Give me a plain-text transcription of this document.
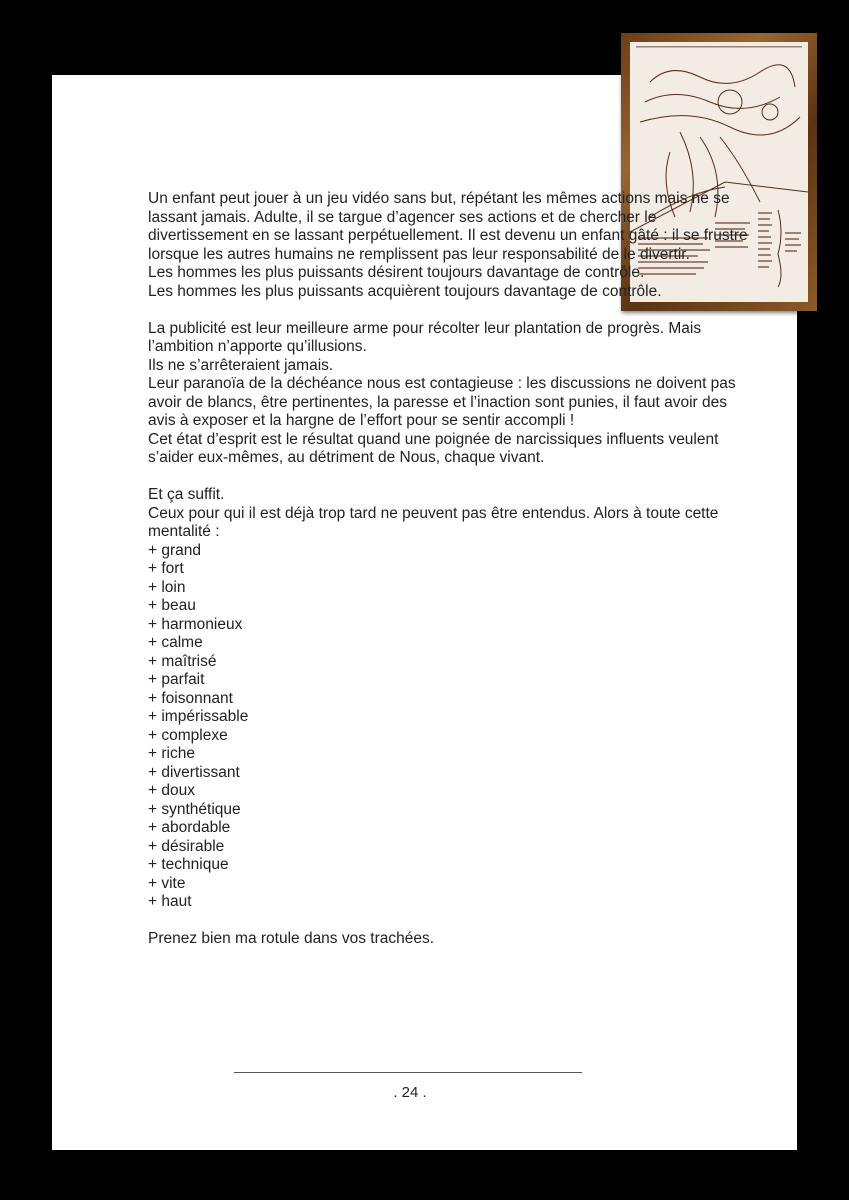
Un enfant peut jouer à un jeu vidéo sans but, répétant les mêmes actions mais ne se lassant jamais. Adulte, il se targue d’agencer ses actions et de chercher le divertissement en se lassant perpétuellement. Il est devenu un enfant gâté : il se frustre lorsque les autres humains ne remplissent pas leur responsabilité de le divertir.

Les hommes les plus puissants désirent toujours davantage de contrôle.

Les hommes les plus puissants acquièrent toujours davantage de contrôle.

La publicité est leur meilleure arme pour récolter leur plantation de progrès. Mais l’ambition n’apporte qu’illusions.

Ils ne s’arrêteraient jamais.

Leur paranoïa de la déchéance nous est contagieuse : les discussions ne doivent pas avoir de blancs, être pertinentes, la paresse et l’inaction sont punies, il faut avoir des avis à exposer et la hargne de l’effort pour se sentir accompli !

Cet état d’esprit est le résultat quand une poignée de narcissiques influents veulent s’aider eux-mêmes, au détriment de Nous, chaque vivant.

Et ça suffit.

Ceux pour qui il est déjà trop tard ne peuvent pas être entendus. Alors à toute cette mentalité :

+ grand
+ fort
+ loin
+ beau
+ harmonieux
+ calme
+ maîtrisé
+ parfait
+ foisonnant
+ impérissable
+ complexe
+ riche
+ divertissant
+ doux
+ synthétique
+ abordable
+ désirable
+ technique
+ vite
+ haut

Prenez bien ma rotule dans vos trachées.

. 24 .
